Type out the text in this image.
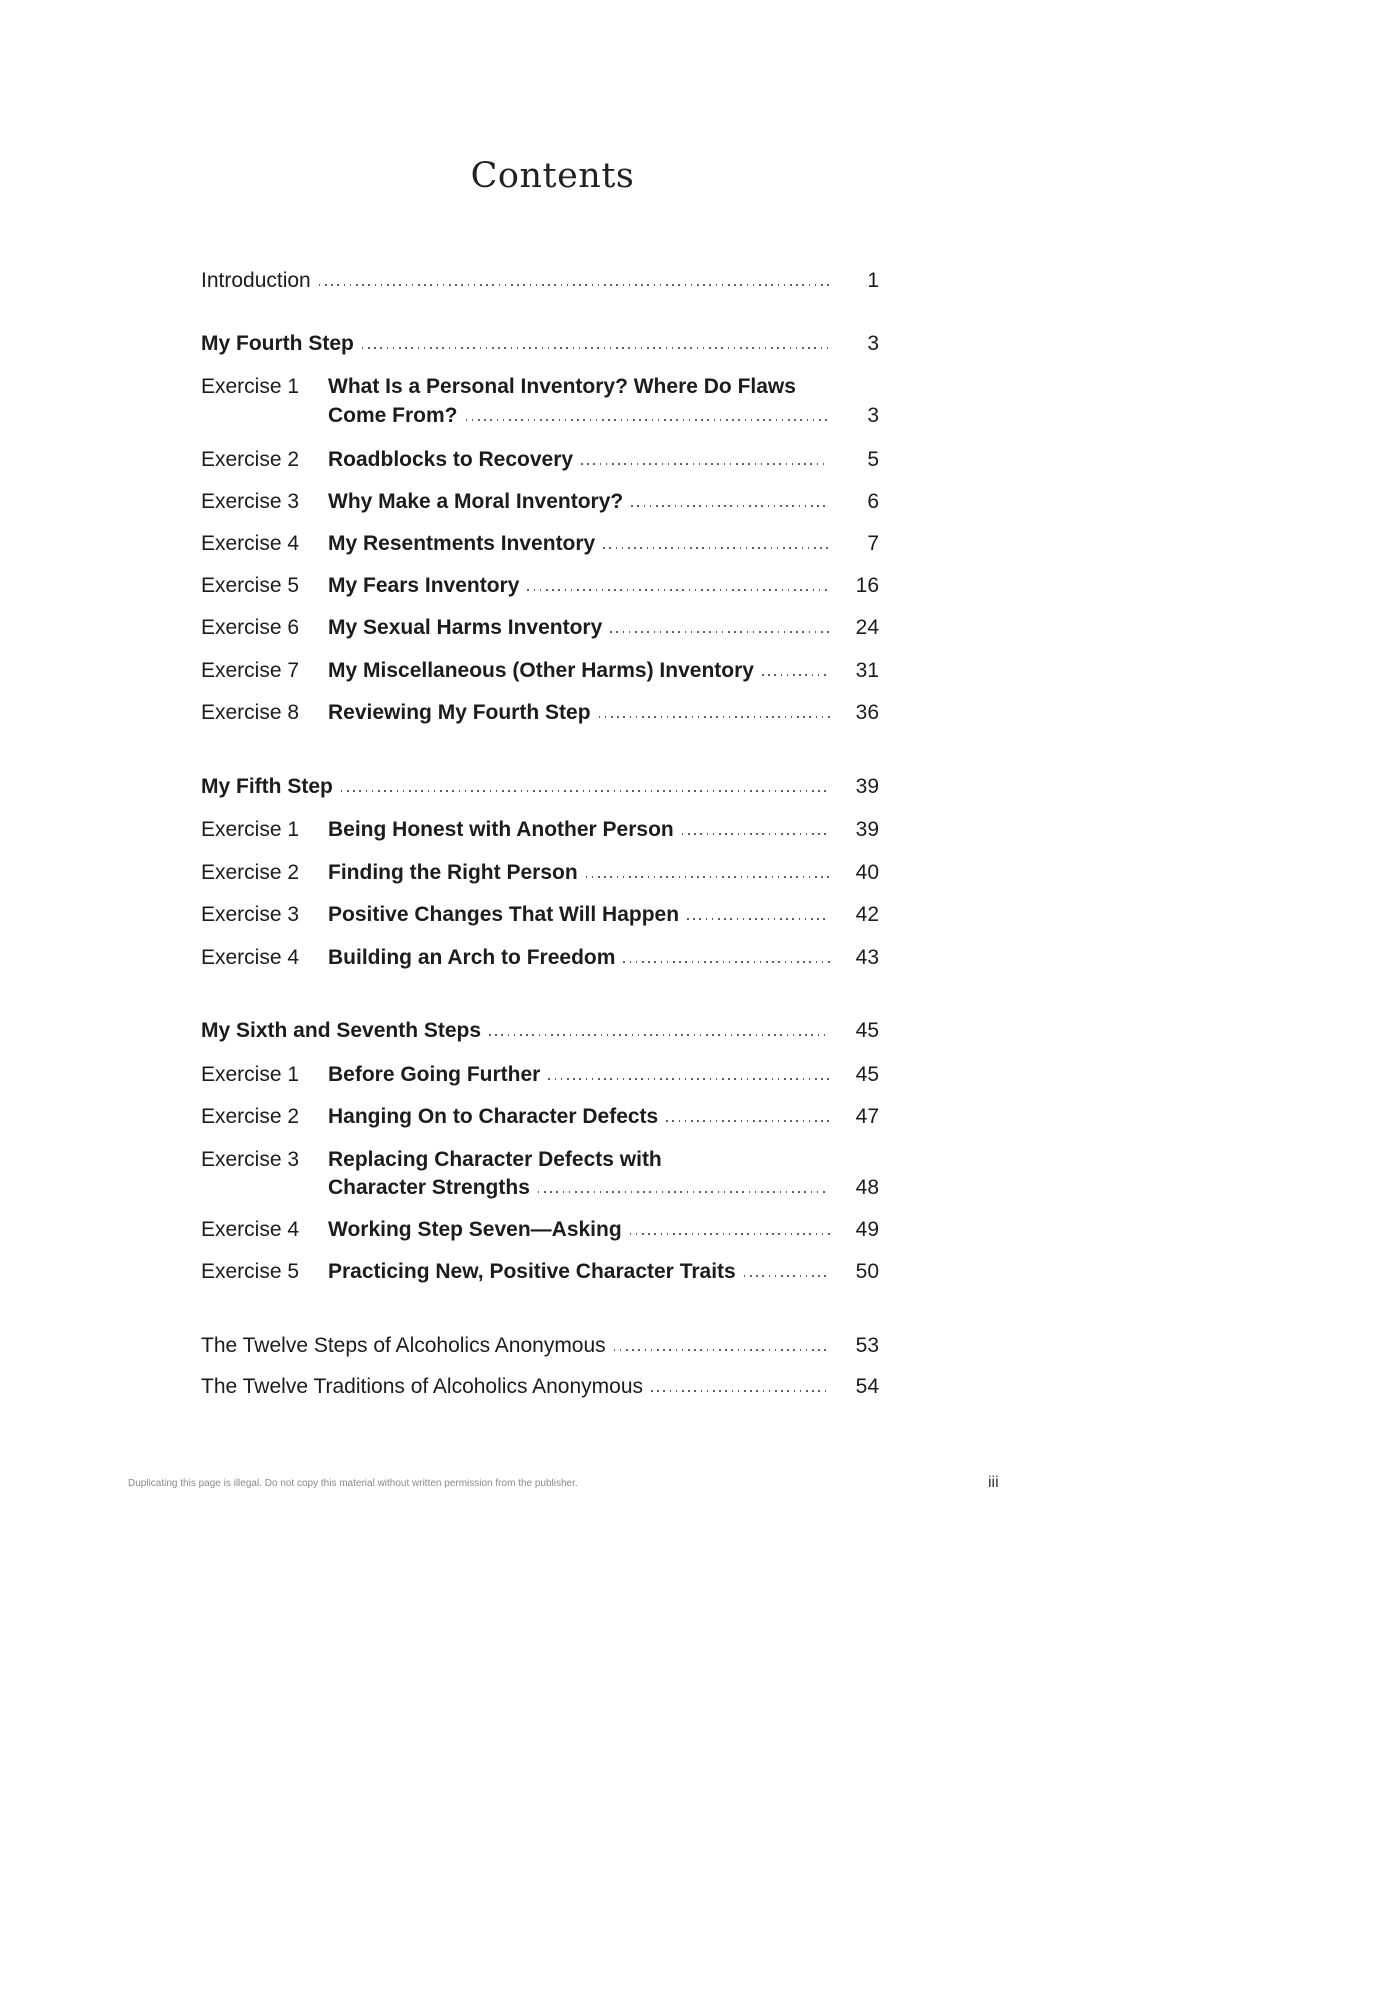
Contents
Introduction	1
My Fourth Step	3
Exercise 1 What Is a Personal Inventory? Where Do Flaws
Come From?	3
Exercise 2 Roadblocks to Recovery	5
Exercise 3 Why Make a Moral Inventory?	6
Exercise 4 My Resentments Inventory	7
Exercise 5 My Fears Inventory	16
Exercise 6 My Sexual Harms Inventory	24
Exercise 7 My Miscellaneous (Other Harms) Inventory	31
Exercise 8 Reviewing My Fourth Step	36
My Fifth Step	39
Exercise 1 Being Honest with Another Person	39
Exercise 2 Finding the Right Person	40
Exercise 3 Positive Changes That Will Happen	42
Exercise 4 Building an Arch to Freedom	43
My Sixth and Seventh Steps	45
Exercise 1 Before Going Further	45
Exercise 2 Hanging On to Character Defects	47
Exercise 3 Replacing Character Defects with
Character Strengths	48
Exercise 4 Working Step Seven—Asking	49
Exercise 5 Practicing New, Positive Character Traits	50
The Twelve Steps of Alcoholics Anonymous	53
The Twelve Traditions of Alcoholics Anonymous	54
Duplicating this page is illegal. Do not copy this material without written permission from the publisher.	iii
